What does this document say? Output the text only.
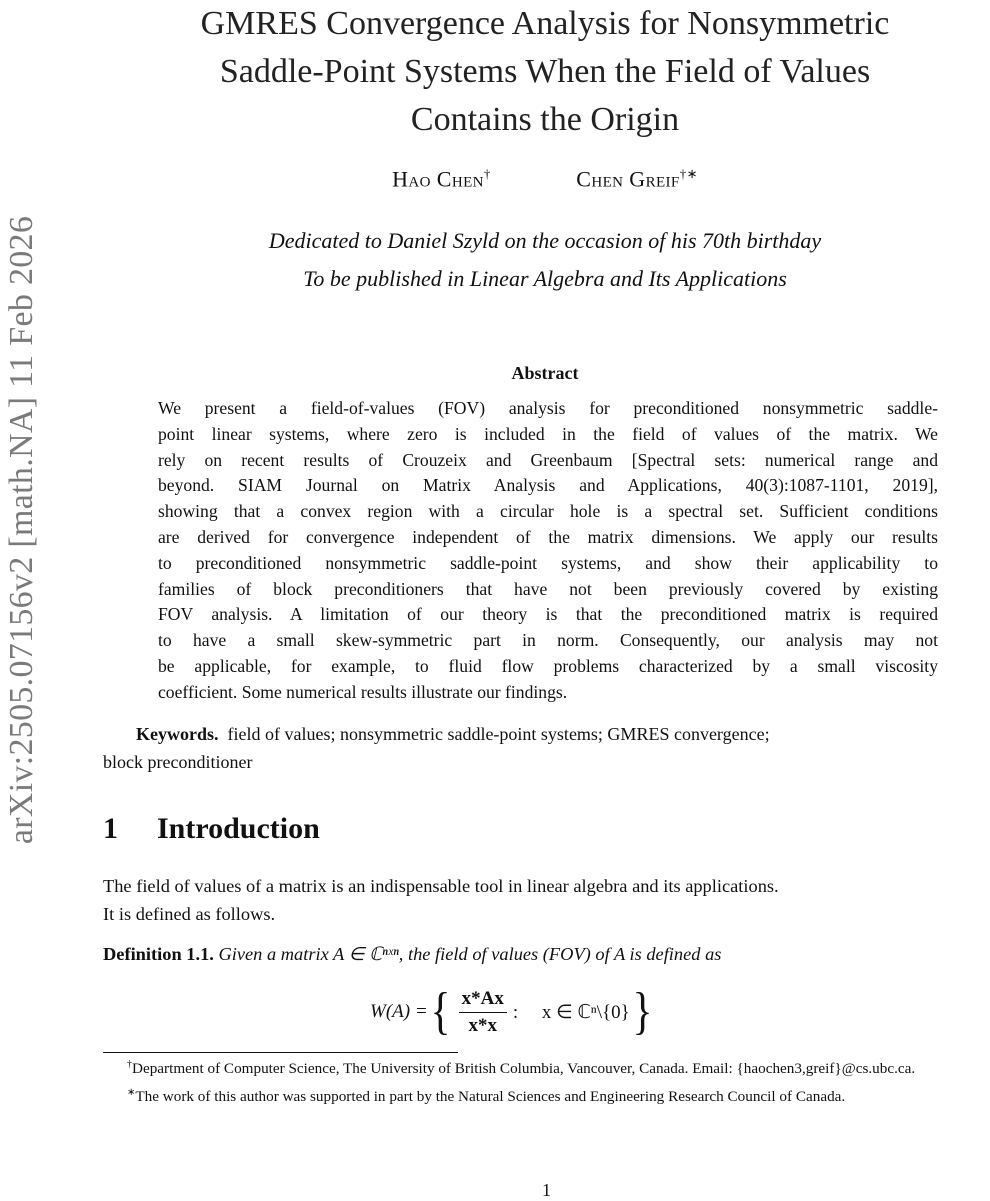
arXiv:2505.07156v2 [math.NA] 11 Feb 2026
GMRES Convergence Analysis for Nonsymmetric
Saddle-Point Systems When the Field of Values
Contains the Origin
Hao Chen†	Chen Greif†∗
Dedicated to Daniel Szyld on the occasion of his 70th birthday
To be published in Linear Algebra and Its Applications
Abstract
We present a field-of-values (FOV) analysis for preconditioned nonsymmetric saddle-
point linear systems, where zero is included in the field of values of the matrix. We
rely on recent results of Crouzeix and Greenbaum [Spectral sets: numerical range and
beyond. SIAM Journal on Matrix Analysis and Applications, 40(3):1087-1101, 2019],
showing that a convex region with a circular hole is a spectral set. Sufficient conditions
are derived for convergence independent of the matrix dimensions. We apply our results
to preconditioned nonsymmetric saddle-point systems, and show their applicability to
families of block preconditioners that have not been previously covered by existing
FOV analysis. A limitation of our theory is that the preconditioned matrix is required
to have a small skew-symmetric part in norm. Consequently, our analysis may not
be applicable, for example, to fluid flow problems characterized by a small viscosity
coefficient. Some numerical results illustrate our findings.
Keywords. field of values; nonsymmetric saddle-point systems; GMRES convergence;
block preconditioner
1 Introduction
The field of values of a matrix is an indispensable tool in linear algebra and its applications.
It is defined as follows.
Definition 1.1. Given a matrix A ∈ ℂⁿˣⁿ, the field of values (FOV) of A is defined as
W(A) = { $\frac{x*Ax}{x*x}$ :     x ∈ ℂⁿ\{0} }

†Department of Computer Science, The University of British Columbia, Vancouver, Canada. Email: {haochen3,greif}@cs.ubc.ca.

∗The work of this author was supported in part by the Natural Sciences and Engineering Research Council of Canada.

1
